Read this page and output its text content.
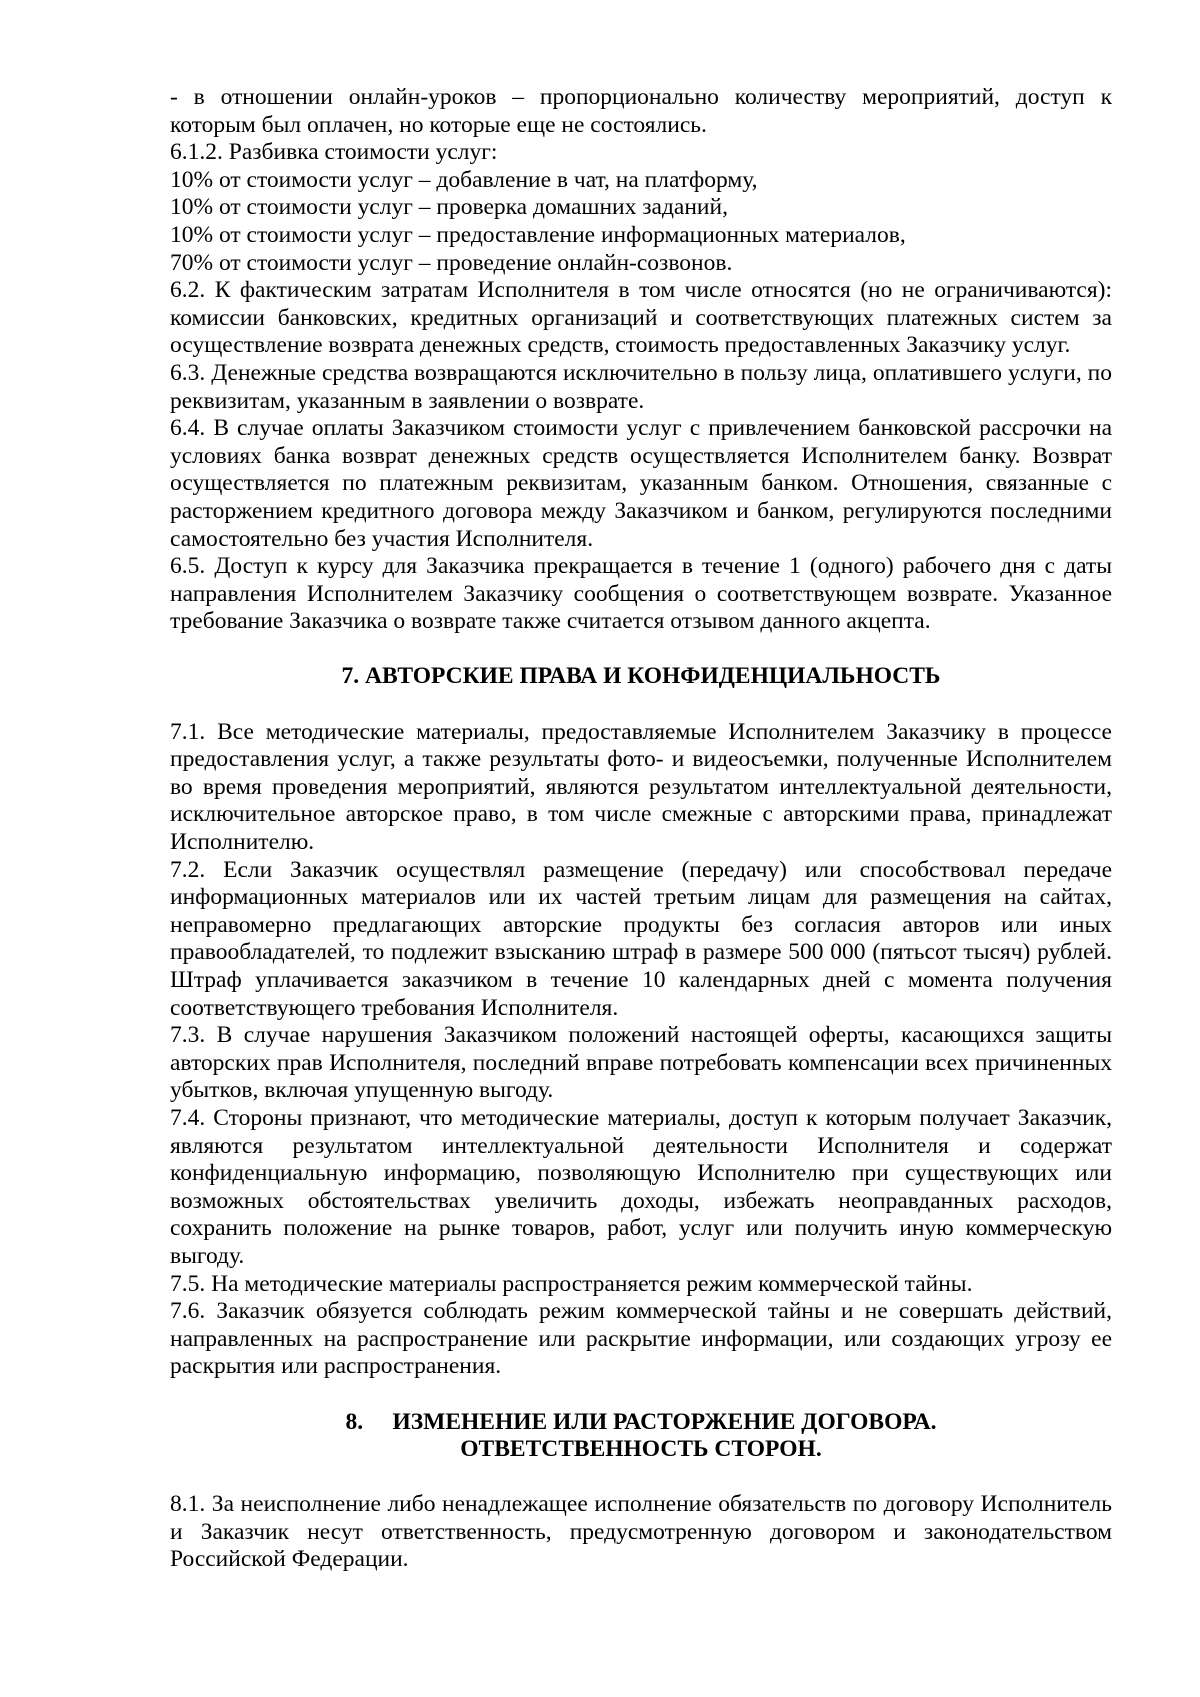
- в отношении онлайн-уроков – пропорционально количеству мероприятий, доступ к которым был оплачен, но которые еще не состоялись.

6.1.2. Разбивка стоимости услуг:

10% от стоимости услуг – добавление в чат, на платформу,

10% от стоимости услуг – проверка домашних заданий,

10% от стоимости услуг – предоставление информационных материалов,

70% от стоимости услуг – проведение онлайн-созвонов.

6.2. К фактическим затратам Исполнителя в том числе относятся (но не ограничиваются): комиссии банковских, кредитных организаций и соответствующих платежных систем за осуществление возврата денежных средств, стоимость предоставленных Заказчику услуг.

6.3. Денежные средства возвращаются исключительно в пользу лица, оплатившего услуги, по реквизитам, указанным в заявлении о возврате.

6.4. В случае оплаты Заказчиком стоимости услуг с привлечением банковской рассрочки на условиях банка возврат денежных средств осуществляется Исполнителем банку. Возврат осуществляется по платежным реквизитам, указанным банком. Отношения, связанные с расторжением кредитного договора между Заказчиком и банком, регулируются последними самостоятельно без участия Исполнителя.

6.5. Доступ к курсу для Заказчика прекращается в течение 1 (одного) рабочего дня с даты направления Исполнителем Заказчику сообщения о соответствующем возврате. Указанное требование Заказчика о возврате также считается отзывом данного акцепта.

7. АВТОРСКИЕ ПРАВА И КОНФИДЕНЦИАЛЬНОСТЬ

7.1. Все методические материалы, предоставляемые Исполнителем Заказчику в процессе предоставления услуг, а также результаты фото- и видеосъемки, полученные Исполнителем во время проведения мероприятий, являются результатом интеллектуальной деятельности, исключительное авторское право, в том числе смежные с авторскими права, принадлежат Исполнителю.

7.2. Если Заказчик осуществлял размещение (передачу) или способствовал передаче информационных материалов или их частей третьим лицам для размещения на сайтах, неправомерно предлагающих авторские продукты без согласия авторов или иных правообладателей, то подлежит взысканию штраф в размере 500 000 (пятьсот тысяч) рублей. Штраф уплачивается заказчиком в течение 10 календарных дней с момента получения соответствующего требования Исполнителя.

7.3. В случае нарушения Заказчиком положений настоящей оферты, касающихся защиты авторских прав Исполнителя, последний вправе потребовать компенсации всех причиненных убытков, включая упущенную выгоду.

7.4. Стороны признают, что методические материалы, доступ к которым получает Заказчик, являются результатом интеллектуальной деятельности Исполнителя и содержат конфиденциальную информацию, позволяющую Исполнителю при существующих или возможных обстоятельствах увеличить доходы, избежать неоправданных расходов, сохранить положение на рынке товаров, работ, услуг или получить иную коммерческую выгоду.

7.5. На методические материалы распространяется режим коммерческой тайны.

7.6. Заказчик обязуется соблюдать режим коммерческой тайны и не совершать действий, направленных на распространение или раскрытие информации, или создающих угрозу ее раскрытия или распространения.

8.     ИЗМЕНЕНИЕ ИЛИ РАСТОРЖЕНИЕ ДОГОВОРА.
ОТВЕТСТВЕННОСТЬ СТОРОН.

8.1. За неисполнение либо ненадлежащее исполнение обязательств по договору Исполнитель и Заказчик несут ответственность, предусмотренную договором и законодательством Российской Федерации.
